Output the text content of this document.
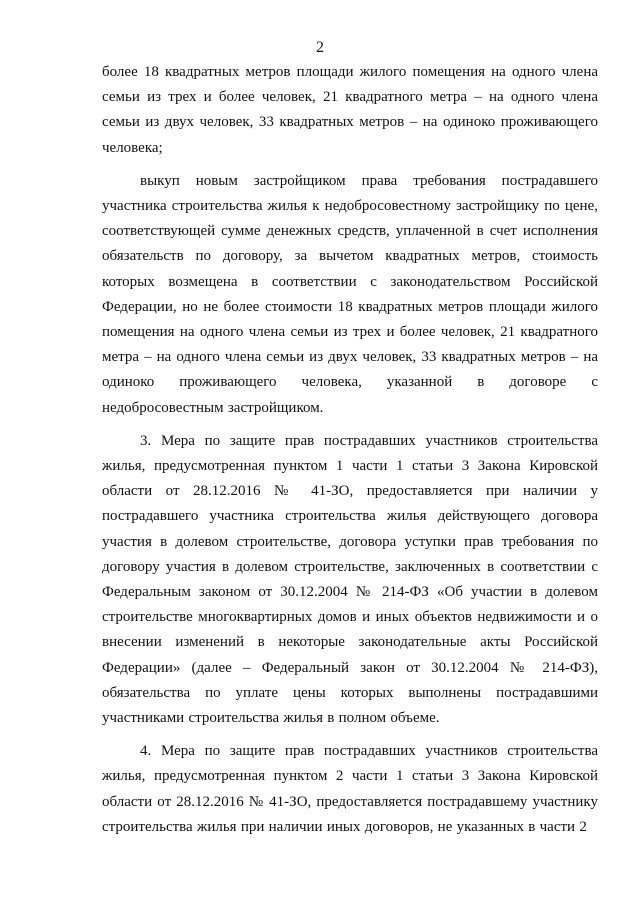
2

более 18 квадратных метров площади жилого помещения на одного члена семьи из трех и более человек, 21 квадратного метра – на одного члена семьи из двух человек, 33 квадратных метров – на одиноко проживающего человека;

выкуп новым застройщиком права требования пострадавшего участника строительства жилья к недобросовестному застройщику по цене, соответствующей сумме денежных средств, уплаченной в счет исполнения обязательств по договору, за вычетом квадратных метров, стоимость которых возмещена в соответствии с законодательством Российской Федерации, но не более стоимости 18 квадратных метров площади жилого помещения на одного члена семьи из трех и более человек, 21 квадратного метра – на одного члена семьи из двух человек, 33 квадратных метров – на одиноко проживающего человека, указанной в договоре с недобросовестным застройщиком.

3. Мера по защите прав пострадавших участников строительства жилья, предусмотренная пунктом 1 части 1 статьи 3 Закона Кировской области от 28.12.2016 № 41-ЗО, предоставляется при наличии у пострадавшего участника строительства жилья действующего договора участия в долевом строительстве, договора уступки прав требования по договору участия в долевом строительстве, заключенных в соответствии с Федеральным законом от 30.12.2004 № 214-ФЗ «Об участии в долевом строительстве многоквартирных домов и иных объектов недвижимости и о внесении изменений в некоторые законодательные акты Российской Федерации» (далее – Федеральный закон от 30.12.2004 № 214-ФЗ), обязательства по уплате цены которых выполнены пострадавшими участниками строительства жилья в полном объеме.

4. Мера по защите прав пострадавших участников строительства жилья, предусмотренная пунктом 2 части 1 статьи 3 Закона Кировской области от 28.12.2016 № 41-ЗО, предоставляется пострадавшему участнику строительства жилья при наличии иных договоров, не указанных в части 2
